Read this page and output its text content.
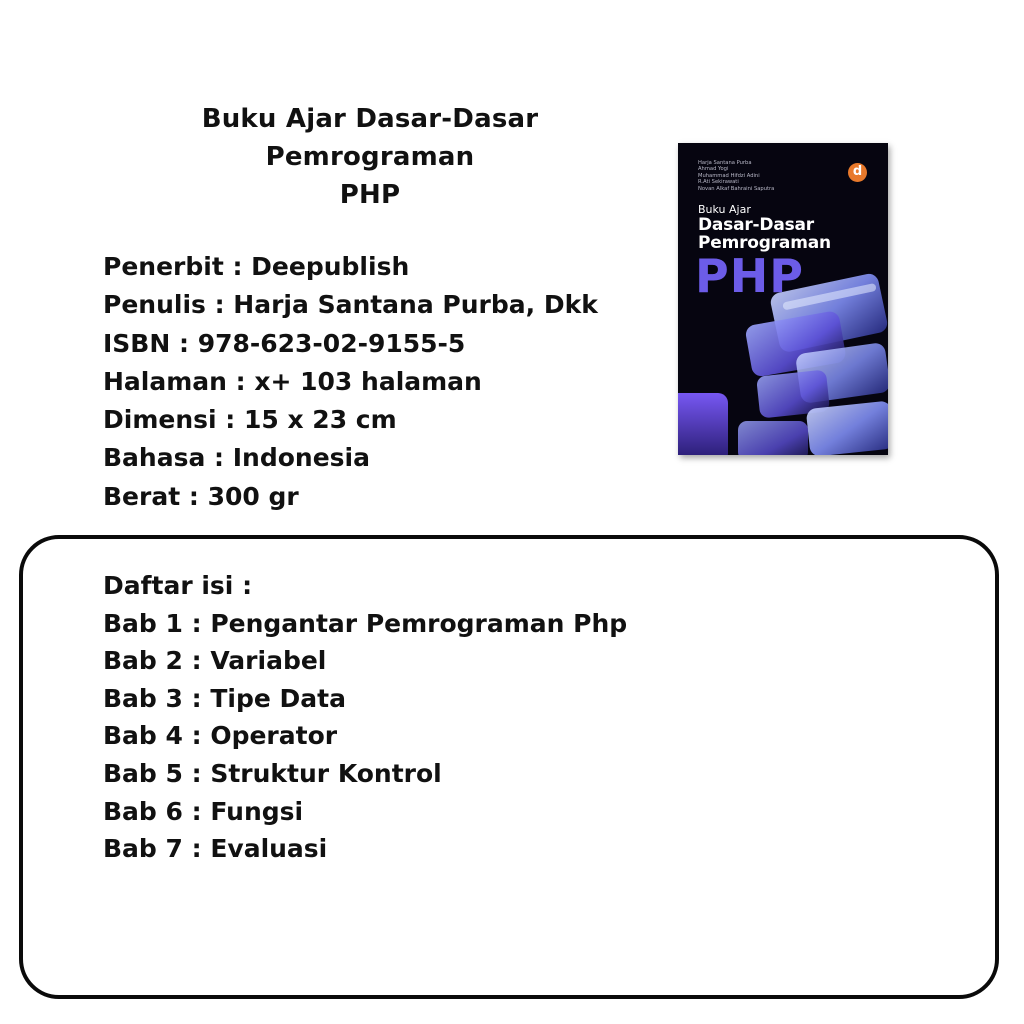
Buku Ajar Dasar-Dasar Pemrograman
PHP
Penerbit : Deepublish
Penulis : Harja Santana Purba, Dkk
ISBN : 978-623-02-9155-5
Halaman : x+ 103 halaman
Dimensi : 15 x 23 cm
Bahasa : Indonesia
Berat : 300 gr
Harja Santana Purba
Ahmad Yogi
Muhammad Hifdzi Adini
R.Ati Sekirawati
Novan Alkaf Bahraini Saputra
d
Buku Ajar
Dasar-Dasar
Pemrograman
PHP
Daftar isi :
Bab 1 : Pengantar Pemrograman Php
Bab 2 : Variabel
Bab 3 : Tipe Data
Bab 4 : Operator
Bab 5 : Struktur Kontrol
Bab 6 : Fungsi
Bab 7 : Evaluasi
